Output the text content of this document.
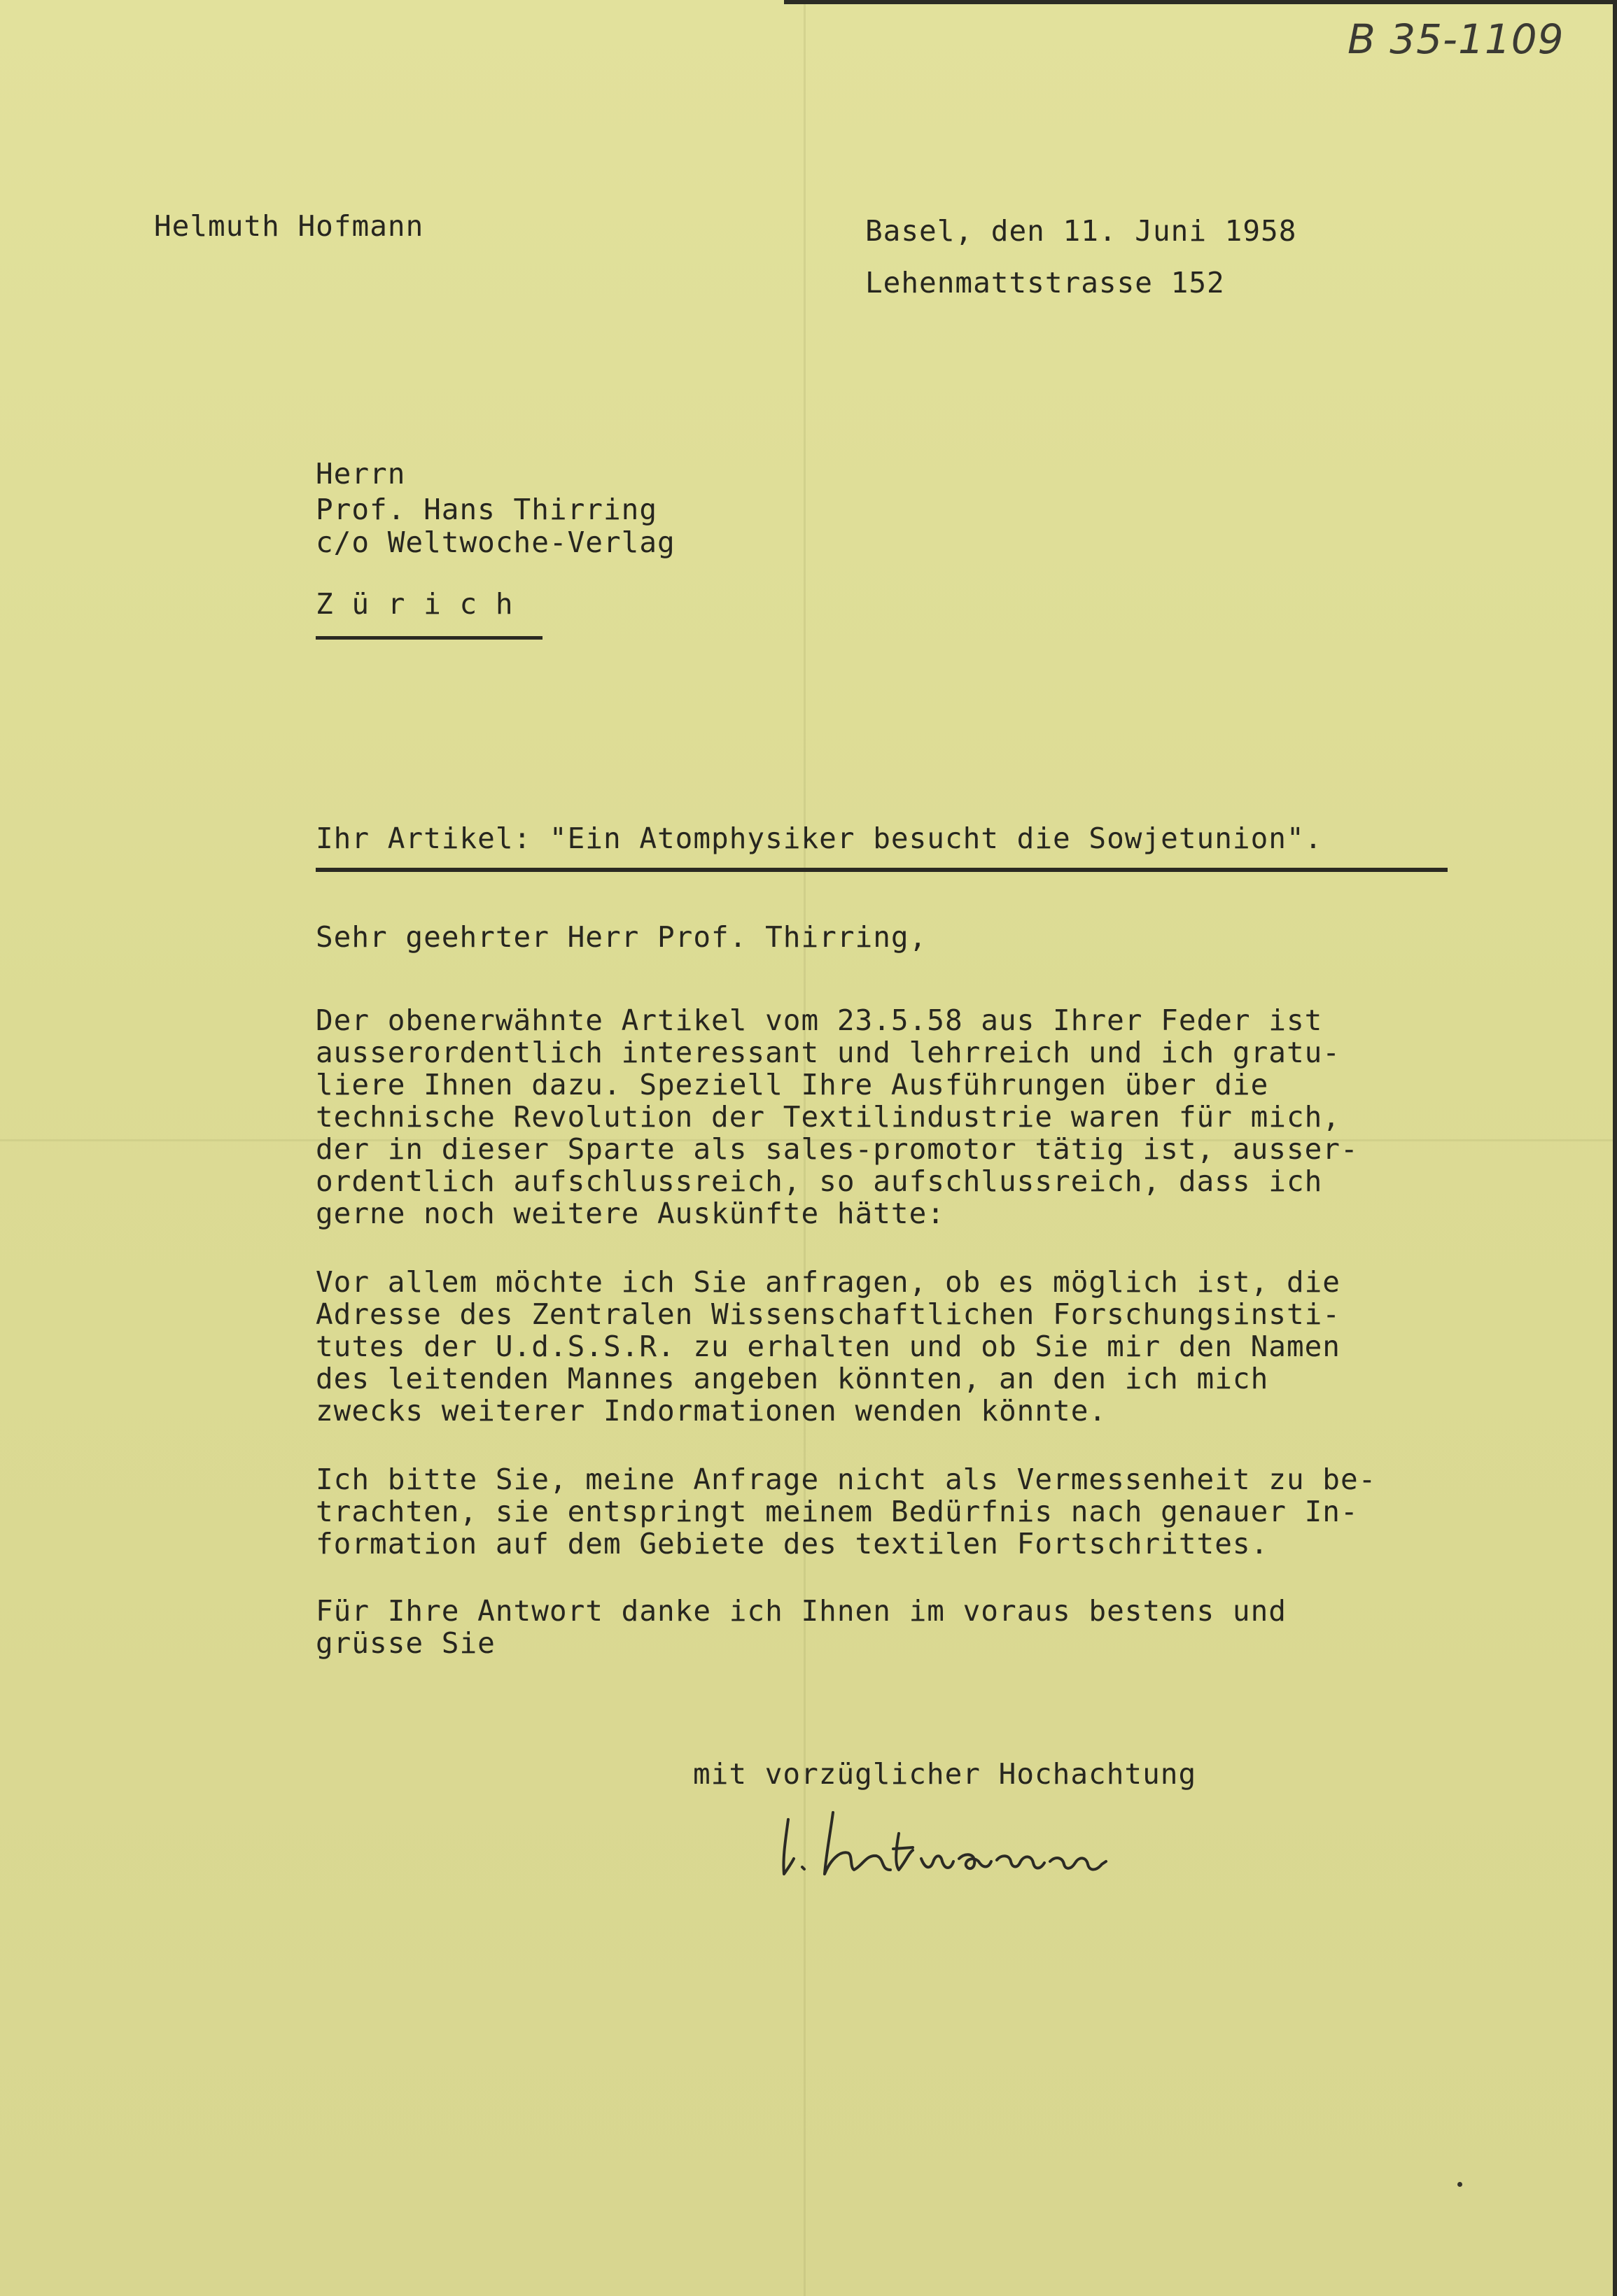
B 35-1109
Helmuth Hofmann	Basel, den 11. Juni 1958
Lehenmattstrasse 152
Herrn
Prof. Hans Thirring
c/o Weltwoche-Verlag
Z ü r i c h
Ihr Artikel: "Ein Atomphysiker besucht die Sowjetunion".
Sehr geehrter Herr Prof. Thirring,
Der obenerwähnte Artikel vom 23.5.58 aus Ihrer Feder ist
ausserordentlich interessant und lehrreich und ich gratu-
liere Ihnen dazu. Speziell Ihre Ausführungen über die
technische Revolution der Textilindustrie waren für mich,
der in dieser Sparte als sales-promotor tätig ist, ausser-
ordentlich aufschlussreich, so aufschlussreich, dass ich
gerne noch weitere Auskünfte hätte:
Vor allem möchte ich Sie anfragen, ob es möglich ist, die
Adresse des Zentralen Wissenschaftlichen Forschungsinsti-
tutes der U.d.S.S.R. zu erhalten und ob Sie mir den Namen
des leitenden Mannes angeben könnten, an den ich mich
zwecks weiterer Indormationen wenden könnte.
Ich bitte Sie, meine Anfrage nicht als Vermessenheit zu be-
trachten, sie entspringt meinem Bedürfnis nach genauer In-
formation auf dem Gebiete des textilen Fortschrittes.
Für Ihre Antwort danke ich Ihnen im voraus bestens und
grüsse Sie
mit vorzüglicher Hochachtung
